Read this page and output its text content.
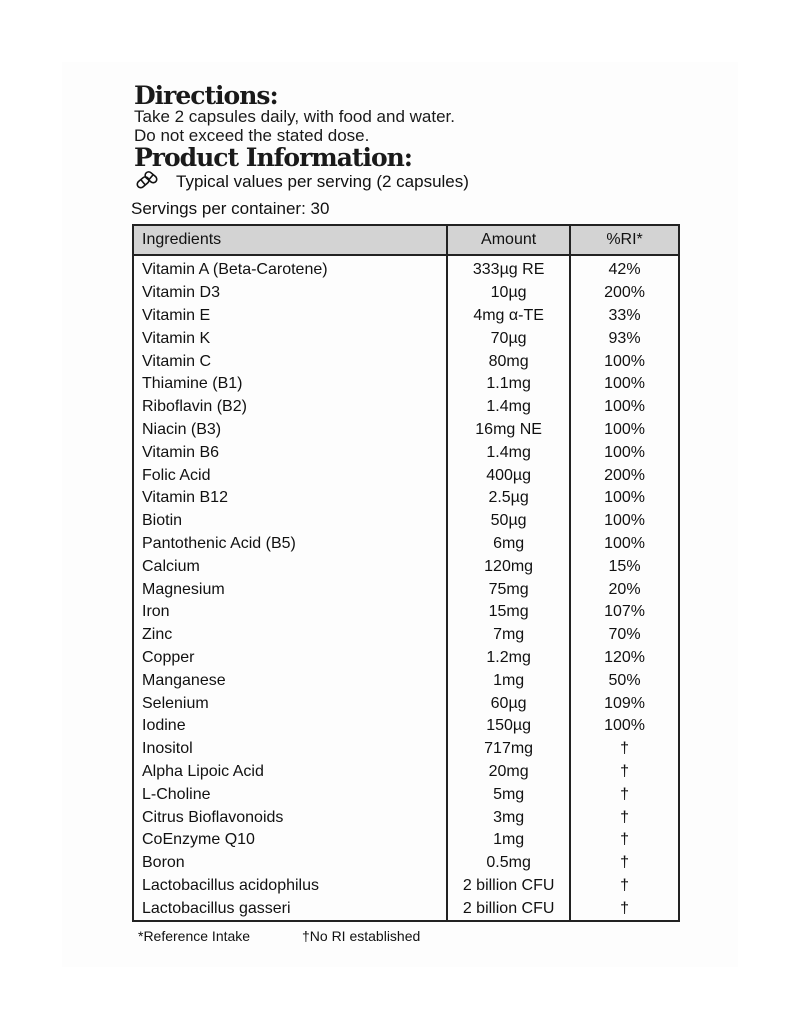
Directions:
Take 2 capsules daily, with food and water.
Do not exceed the stated dose.
Product Information:
Typical values per serving (2 capsules)
Servings per container: 30
Ingredients	Amount	%RI*
Vitamin A (Beta-Carotene)	333µg RE	42%
Vitamin D3	10µg	200%
Vitamin E	4mg α-TE	33%
Vitamin K	70µg	93%
Vitamin C	80mg	100%
Thiamine (B1)	1.1mg	100%
Riboflavin (B2)	1.4mg	100%
Niacin (B3)	16mg NE	100%
Vitamin B6	1.4mg	100%
Folic Acid	400µg	200%
Vitamin B12	2.5µg	100%
Biotin	50µg	100%
Pantothenic Acid (B5)	6mg	100%
Calcium	120mg	15%
Magnesium	75mg	20%
Iron	15mg	107%
Zinc	7mg	70%
Copper	1.2mg	120%
Manganese	1mg	50%
Selenium	60µg	109%
Iodine	150µg	100%
Inositol	717mg	†
Alpha Lipoic Acid	20mg	†
L-Choline	5mg	†
Citrus Bioflavonoids	3mg	†
CoEnzyme Q10	1mg	†
Boron	0.5mg	†
Lactobacillus acidophilus	2 billion CFU	†
Lactobacillus gasseri	2 billion CFU	†
*Reference Intake	†No RI established
